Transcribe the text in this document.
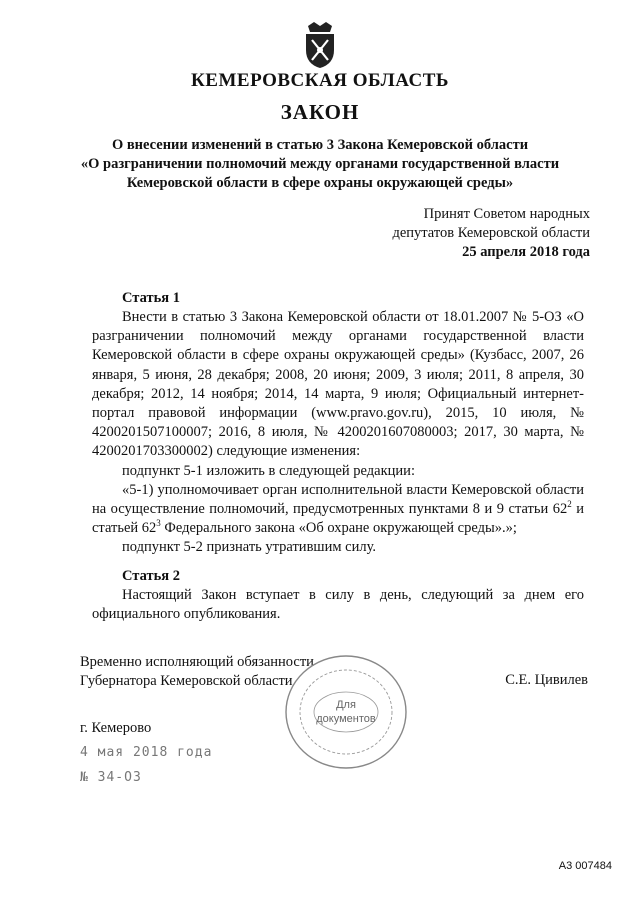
КЕМЕРОВСКАЯ ОБЛАСТЬ
ЗАКОН
О внесении изменений в статью 3 Закона Кемеровской области
«О разграничении полномочий между органами государственной власти
Кемеровской области в сфере охраны окружающей среды»
Принят Советом народных
депутатов Кемеровской области
25 апреля 2018 года
Статья 1

Внести в статью 3 Закона Кемеровской области от 18.01.2007 № 5-ОЗ «О разграничении полномочий между органами государственной власти Кемеровской области в сфере охраны окружающей среды» (Кузбасс, 2007, 26 января, 5 июня, 28 декабря; 2008, 20 июня; 2009, 3 июля; 2011, 8 апреля, 30 декабря; 2012, 14 ноября; 2014, 14 марта, 9 июля; Официальный интернет-портал правовой информации (www.pravo.gov.ru), 2015, 10 июля, № 4200201507100007; 2016, 8 июля, № 4200201607080003; 2017, 30 марта, № 4200201703300002) следующие изменения:

подпункт 5-1 изложить в следующей редакции:

«5-1) уполномочивает орган исполнительной власти Кемеровской области на осуществление полномочий, предусмотренных пунктами 8 и 9 статьи $62^2$ и статьей $62^3$ Федерального закона «Об охране окружающей среды».»;

подпункт 5-2 признать утратившим силу.

Статья 2

Настоящий Закон вступает в силу в день, следующий за днем его официального опубликования.

Временно исполняющий обязанности
Губернатора Кемеровской области	С.Е. Цивилев
Для
документов
г. Кемерово
4 мая 2018 года
№ 34-ОЗ
А3 007484
